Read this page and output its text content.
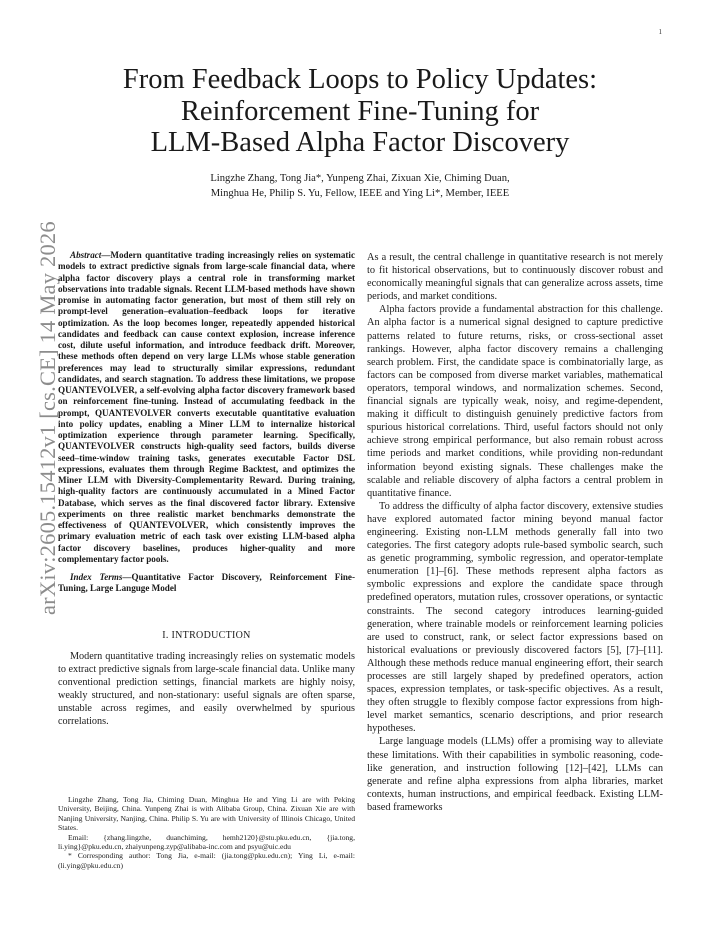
1
arXiv:2605.15412v1 [cs.CE] 14 May 2026
From Feedback Loops to Policy Updates:
Reinforcement Fine-Tuning for
LLM-Based Alpha Factor Discovery
Lingzhe Zhang, Tong Jia*, Yunpeng Zhai, Zixuan Xie, Chiming Duan,
Minghua He, Philip S. Yu, Fellow, IEEE and Ying Li*, Member, IEEE

Abstract—Modern quantitative trading increasingly relies on systematic models to extract predictive signals from large-scale financial data, where alpha factor discovery plays a central role in transforming market observations into tradable signals. Recent LLM-based methods have shown promise in automating factor generation, but most of them still rely on prompt-level generation–evaluation–feedback loops for iterative optimization. As the loop becomes longer, repeatedly appended historical candidates and feedback can cause context explosion, increase inference cost, dilute useful information, and introduce feedback drift. Moreover, these methods often depend on very large LLMs whose stable generation preferences may lead to structurally similar expressions, redundant candidates, and search stagnation. To address these limitations, we propose QUANTEVOLVER, a self-evolving alpha factor discovery framework based on reinforcement fine-tuning. Instead of accumulating feedback in the prompt, QUANTEVOLVER converts executable quantitative evaluation into policy updates, enabling a Miner LLM to internalize historical optimization experience through parameter learning. Specifically, QUANTEVOLVER constructs high-quality seed factors, builds diverse seed–time-window training tasks, generates executable Factor DSL expressions, evaluates them through Regime Backtest, and optimizes the Miner LLM with Diversity-Complementarity Reward. During training, high-quality factors are continuously accumulated in a Mined Factor Database, which serves as the final discovered factor library. Extensive experiments on three realistic market benchmarks demonstrate the effectiveness of QUANTEVOLVER, which consistently improves the primary evaluation metric of each task over existing LLM-based alpha factor discovery baselines, produces higher-quality and more complementary factor pools.

Index Terms—Quantitative Factor Discovery, Reinforcement Fine-Tuning, Large Languge Model

I. INTRODUCTION

Modern quantitative trading increasingly relies on systematic models to extract predictive signals from large-scale financial data. Unlike many conventional prediction settings, financial markets are highly noisy, weakly structured, and non-stationary: useful signals are often sparse, unstable across regimes, and easily overwhelmed by spurious correlations.

Lingzhe Zhang, Tong Jia, Chiming Duan, Minghua He and Ying Li are with Peking University, Beijing, China. Yunpeng Zhai is with Alibaba Group, China. Zixuan Xie are with Nanjing University, Nanjing, China. Philip S. Yu are with University of Illinois Chicago, United States.

Email: {zhang.lingzhe, duanchiming, hemh2120}@stu.pku.edu.cn, {jia.tong, li.ying}@pku.edu.cn, zhaiyunpeng.zyp@alibaba-inc.com and psyu@uic.edu

* Corresponding author: Tong Jia, e-mail: (jia.tong@pku.edu.cn); Ying Li, e-mail: (li.ying@pku.edu.cn)

As a result, the central challenge in quantitative research is not merely to fit historical observations, but to continuously discover robust and economically meaningful signals that can generalize across assets, time periods, and market conditions.

Alpha factors provide a fundamental abstraction for this challenge. An alpha factor is a numerical signal designed to capture predictive patterns related to future returns, risks, or cross-sectional asset rankings. However, alpha factor discovery remains a challenging search problem. First, the candidate space is combinatorially large, as factors can be composed from diverse market variables, mathematical operators, temporal windows, and normalization schemes. Second, financial signals are typically weak, noisy, and regime-dependent, making it difficult to distinguish genuinely predictive factors from spurious historical correlations. Third, useful factors should not only achieve strong empirical performance, but also remain robust across time periods and market conditions, while providing non-redundant information beyond existing signals. These challenges make the scalable and reliable discovery of alpha factors a central problem in quantitative finance.

To address the difficulty of alpha factor discovery, extensive studies have explored automated factor mining beyond manual factor engineering. Existing non-LLM methods generally fall into two categories. The first category adopts rule-based symbolic search, such as genetic programming, symbolic regression, and operator-template enumeration [1]–[6]. These methods represent alpha factors as symbolic expressions and explore the candidate space through predefined operators, mutation rules, crossover operations, or syntactic constraints. The second category introduces learning-guided generation, where trainable models or reinforcement learning policies are used to construct, rank, or select factor expressions based on historical evaluations or previously discovered factors [5], [7]–[11]. Although these methods reduce manual engineering effort, their search processes are still largely shaped by predefined operators, action spaces, expression templates, or task-specific objectives. As a result, they often struggle to flexibly compose factor expressions from high-level market semantics, scenario descriptions, and prior research hypotheses.

Large language models (LLMs) offer a promising way to alleviate these limitations. With their capabilities in symbolic reasoning, code-like generation, and instruction following [12]–[42], LLMs can generate and refine alpha expressions from alpha libraries, market contexts, human instructions, and empirical feedback. Existing LLM-based frameworks
